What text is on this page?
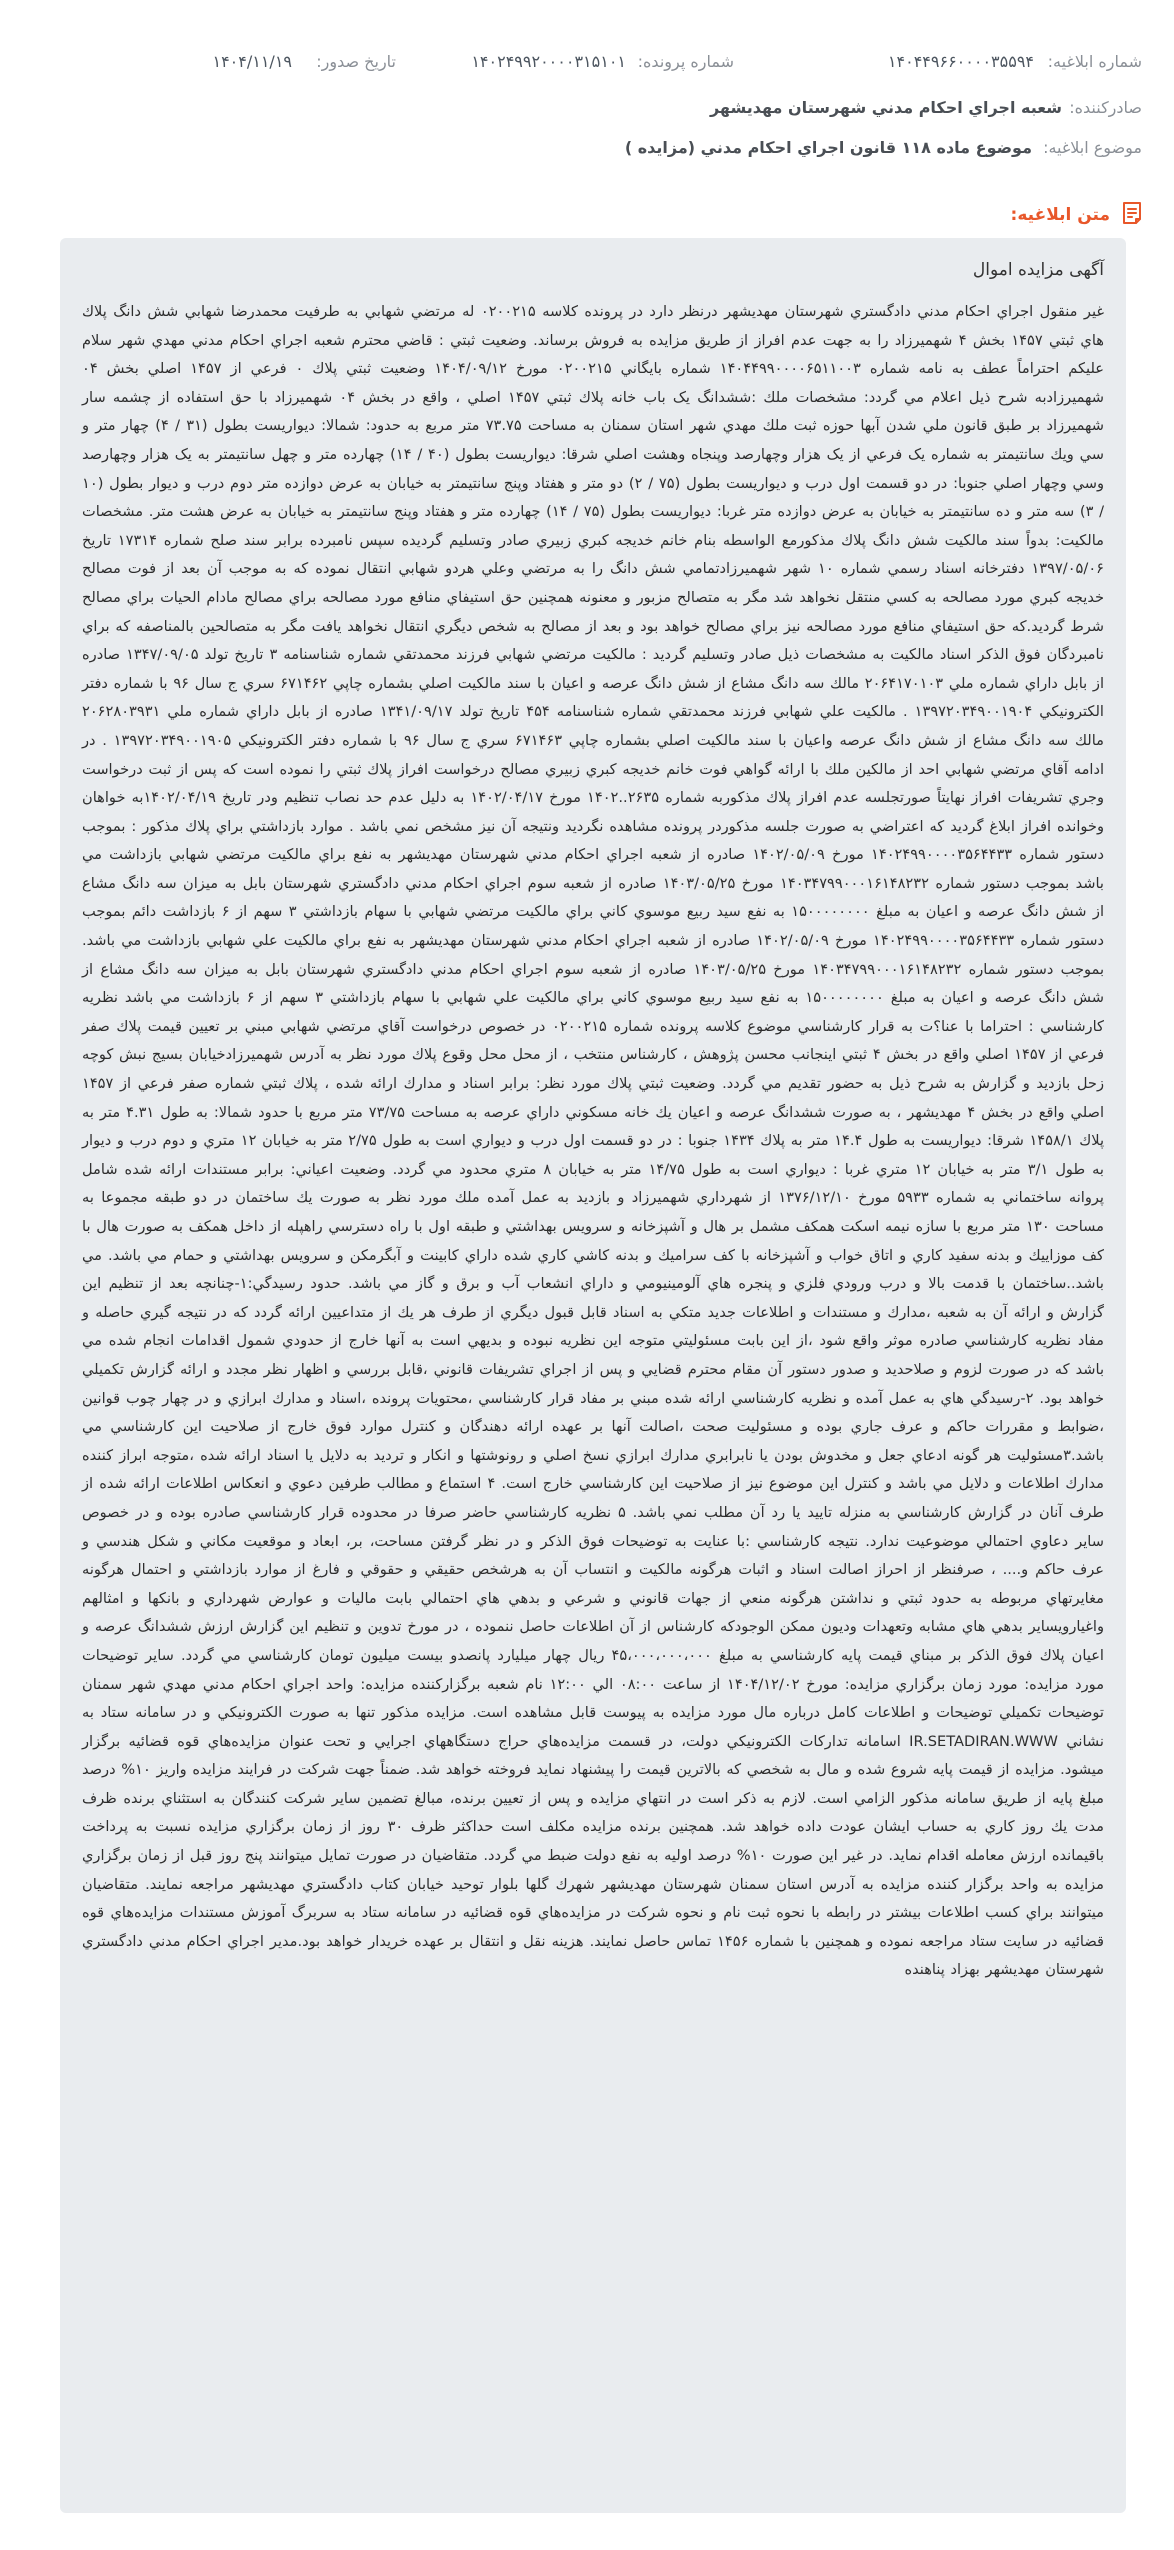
شماره ابلاغیه:
۱۴۰۴۴۹۶۶۰۰۰۰۳۵۵۹۴
شماره پرونده:
۱۴۰۲۴۹۹۲۰۰۰۰۳۱۵۱۰۱
تاریخ صدور:
۱۴۰۴/۱۱/۱۹
صادرکننده:
شعبه اجراي احكام مدني شهرستان مهديشهر
موضوع ابلاغیه:
موضوع ماده ۱۱۸ قانون اجراي احكام مدني (مزايده )
متن ابلاغیه:
آگهی مزایده اموال
غير منقول اجراي احكام مدني دادگستري شهرستان مهديشهر درنظر دارد در پرونده كلاسه ۰۲۰۰۲۱۵ له مرتضي شهابي به طرفيت محمدرضا شهابي شش دانگ پلاك هاي ثبتي ۱۴۵۷ بخش ۴ شهميرزاد را به جهت عدم افراز از طريق مزايده به فروش برساند. وضعيت ثبتي : قاضي محترم شعبه اجراي احكام مدني مهدي شهر سلام عليكم احتراماً عطف به نامه شماره ۱۴۰۴۴۹۹۰۰۰۰۶۵۱۱۰۰۳ شماره بايگاني ۰۲۰۰۲۱۵ مورخ ۱۴۰۴/۰۹/۱۲ وضعيت ثبتي پلاك ۰ فرعي از ۱۴۵۷ اصلي بخش ۰۴ شهميرزادبه شرح ذيل اعلام مي گردد: مشخصات ملك :ششدانگ يک باب خانه پلاك ثبتي ۱۴۵۷ اصلي ، واقع در بخش ۰۴ شهميرزاد با حق استفاده از چشمه سار شهميرزاد بر طبق قانون ملي شدن آبها حوزه ثبت ملك مهدي شهر استان سمنان به مساحت ۷۳.۷۵ متر مربع به حدود: شمالا: ديواريست بطول (۳۱ / ۴) چهار متر و سي ويك سانتيمتر به شماره يک فرعي از يک هزار وچهارصد وپنجاه وهشت اصلي شرقا: ديواريست بطول (۴۰ / ۱۴) چهارده متر و چهل سانتيمتر به يک هزار وچهارصد وسي وچهار اصلي جنوبا: در دو قسمت اول درب و ديواريست بطول (۷۵ / ۲) دو متر و هفتاد وپنج سانتيمتر به خيابان به عرض دوازده متر دوم درب و ديوار بطول (۱۰ / ۳) سه متر و ده سانتيمتر به خيابان به عرض دوازده متر غربا: ديواريست بطول (۷۵ / ۱۴) چهارده متر و هفتاد وپنج سانتيمتر به خيابان به عرض هشت متر. مشخصات مالكيت: بدواً سند مالكيت شش دانگ پلاك مذكورمع الواسطه بنام خانم خديجه كبري زبيري صادر وتسليم گرديده سپس نامبرده برابر سند صلح شماره ۱۷۳۱۴ تاريخ ۱۳۹۷/۰۵/۰۶ دفترخانه اسناد رسمي شماره ۱۰ شهر شهميرزادتمامي شش دانگ را به مرتضي وعلي هردو شهابي انتقال نموده كه به موجب آن بعد از فوت مصالح خديجه كبري مورد مصالحه به كسي منتقل نخواهد شد مگر به متصالح مزبور و معنونه همچنين حق استيفاي منافع مورد مصالحه براي مصالح مادام الحيات براي مصالح شرط گرديد.كه حق استيفاي منافع مورد مصالحه نيز براي مصالح خواهد بود و بعد از مصالح به شخص ديگري انتقال نخواهد يافت مگر به متصالحين بالمناصفه كه براي نامبردگان فوق الذكر اسناد مالكيت به مشخصات ذيل صادر وتسليم گرديد : مالكيت مرتضي شهابي فرزند محمدتقي شماره شناسنامه ۳ تاريخ تولد ۱۳۴۷/۰۹/۰۵ صادره از بابل داراي شماره ملي ۲۰۶۴۱۷۰۱۰۳ مالك سه دانگ مشاع از شش دانگ عرصه و اعيان با سند مالكيت اصلي بشماره چاپي ۶۷۱۴۶۲ سري ج سال ۹۶ با شماره دفتر الكترونيكي ۱۳۹۷۲۰۳۴۹۰۰۱۹۰۴ . مالكيت علي شهابي فرزند محمدتقي شماره شناسنامه ۴۵۴ تاريخ تولد ۱۳۴۱/۰۹/۱۷ صادره از بابل داراي شماره ملي ۲۰۶۲۸۰۳۹۳۱ مالك سه دانگ مشاع از شش دانگ عرصه واعيان با سند مالكيت اصلي بشماره چاپي ۶۷۱۴۶۳ سري ج سال ۹۶ با شماره دفتر الكترونيكي ۱۳۹۷۲۰۳۴۹۰۰۱۹۰۵ . در ادامه آقاي مرتضي شهابي احد از مالكين ملك با ارائه گواهي فوت خانم خديجه كبري زبيري مصالح درخواست افراز پلاك ثبتي را نموده است كه پس از ثبت درخواست وجري تشريفات افراز نهايتاً صورتجلسه عدم افراز پلاك مذكوربه شماره ۲۶۳۵..۱۴۰۲ مورخ ۱۴۰۲/۰۴/۱۷ به دليل عدم حد نصاب تنظيم ودر تاريخ ۱۴۰۲/۰۴/۱۹به خواهان وخوانده افراز ابلاغ گرديد كه اعتراضي به صورت جلسه مذكوردر پرونده مشاهده نگرديد ونتيجه آن نيز مشخص نمي باشد . موارد بازداشتي براي پلاك مذكور : بموجب دستور شماره ۱۴۰۲۴۹۹۰۰۰۰۳۵۶۴۴۳۳ مورخ ۱۴۰۲/۰۵/۰۹ صادره از شعبه اجراي احكام مدني شهرستان مهديشهر به نفع براي مالكيت مرتضي شهابي بازداشت مي باشد بموجب دستور شماره ۱۴۰۳۴۷۹۹۰۰۰۱۶۱۴۸۲۳۲ مورخ ۱۴۰۳/۰۵/۲۵ صادره از شعبه سوم اجراي احكام مدني دادگستري شهرستان بابل به ميزان سه دانگ مشاع از شش دانگ عرصه و اعيان به مبلغ ۱۵۰۰۰۰۰۰۰۰ به نفع سيد ربيع موسوي كاني براي مالكيت مرتضي شهابي با سهام بازداشتي ۳ سهم از ۶ بازداشت دائم بموجب دستور شماره ۱۴۰۲۴۹۹۰۰۰۰۳۵۶۴۴۳۳ مورخ ۱۴۰۲/۰۵/۰۹ صادره از شعبه اجراي احكام مدني شهرستان مهديشهر به نفع براي مالكيت علي شهابي بازداشت مي باشد. بموجب دستور شماره ۱۴۰۳۴۷۹۹۰۰۰۱۶۱۴۸۲۳۲ مورخ ۱۴۰۳/۰۵/۲۵ صادره از شعبه سوم اجراي احكام مدني دادگستري شهرستان بابل به ميزان سه دانگ مشاع از شش دانگ عرصه و اعيان به مبلغ ۱۵۰۰۰۰۰۰۰۰ به نفع سيد ربيع موسوي كاني براي مالكيت علي شهابي با سهام بازداشتي ۳ سهم از ۶ بازداشت مي باشد نظريه كارشناسي : احتراما با عنا؟ت به قرار كارشناسي موضوع كلاسه پرونده شماره ۰۲۰۰۲۱۵ در خصوص درخواست آقاي مرتضي شهابي مبني بر تعيين قيمت پلاك صفر فرعي از ۱۴۵۷ اصلي واقع در بخش ۴ ثبتي اينجانب محسن پژوهش ، كارشناس منتخب ، از محل محل وقوع پلاك مورد نظر به آدرس شهميرزادخيابان بسيج نبش كوچه زحل بازديد و گزارش به شرح ذيل به حضور تقديم مي گردد. وضعيت ثبتي پلاك مورد نظر: برابر اسناد و مدارك ارائه شده ، پلاك ثبتي شماره صفر فرعي از ۱۴۵۷ اصلي واقع در بخش ۴ مهديشهر ، به صورت ششدانگ عرصه و اعيان يك خانه مسكوني داراي عرصه به مساحت ۷۳/۷۵ متر مربع با حدود شمالا: به طول ۴.۳۱ متر به پلاك ۱۴۵۸/۱ شرقا: ديواريست به طول ۱۴.۴ متر به پلاك ۱۴۳۴ جنوبا : در دو قسمت اول درب و ديواري است به طول ۲/۷۵ متر به خيابان ۱۲ متري و دوم درب و ديوار به طول ۳/۱ متر به خيابان ۱۲ متري غربا : ديواري است به طول ۱۴/۷۵ متر به خيابان ۸ متري محدود مي گردد. وضعيت اعياني: برابر مستندات ارائه شده شامل پروانه ساختماني به شماره ۵۹۳۳ مورخ ۱۳۷۶/۱۲/۱۰ از شهرداري شهميرزاد و بازديد به عمل آمده ملك مورد نظر به صورت يك ساختمان در دو طبقه مجموعا به مساحت ۱۳۰ متر مربع با سازه نيمه اسكت همكف مشمل بر هال و آشپزخانه و سرويس بهداشتي و طبقه اول با راه دسترسي راهپله از داخل همكف به صورت هال با كف موزاييك و بدنه سفيد كاري و اتاق خواب و آشپزخانه با كف سراميك و بدنه كاشي كاري شده داراي كابينت و آبگرمكن و سرويس بهداشتي و حمام مي باشد. مي باشد..ساختمان با قدمت بالا و درب ورودي فلزي و پنجره هاي آلومينيومي و داراي انشعاب آب و برق و گاز مي باشد. حدود رسيدگي:۱-چنانچه بعد از تنظيم اين گزارش و ارائه آن به شعبه ،مدارك و مستندات و اطلاعات جديد متكي به اسناد قابل قبول ديگري از طرف هر يك از متداعيين ارائه گردد كه در نتيجه گيري حاصله و مفاد نظريه كارشناسي صادره موثر واقع شود ،از اين بابت مسئوليتي متوجه اين نظريه نبوده و بديهي است به آنها خارج از حدودي شمول اقدامات انجام شده مي باشد كه در صورت لزوم و صلاحديد و صدور دستور آن مقام محترم قضايي و پس از اجراي تشريفات قانوني ،قابل بررسي و اظهار نظر مجدد و ارائه گزارش تكميلي خواهد بود. ۲-رسيدگي هاي به عمل آمده و نظريه كارشناسي ارائه شده مبني بر مفاد قرار كارشناسي ،محتويات پرونده ،اسناد و مدارك ابرازي و در چهار چوب قوانين ،ضوابط و مقررات حاكم و عرف جاري بوده و مسئوليت صحت ،اصالت آنها بر عهده ارائه دهندگان و كنترل موارد فوق خارج از صلاحيت اين كارشناسي مي باشد.۳مسئوليت هر گونه ادعاي جعل و مخدوش بودن يا نابرابري مدارك ابرازي نسخ اصلي و رونوشتها و انكار و ترديد به دلايل يا اسناد ارائه شده ،متوجه ابراز كننده مدارك اطلاعات و دلايل مي باشد و كنترل اين موضوع نيز از صلاحيت اين كارشناسي خارج است. ۴ استماع و مطالب طرفين دعوي و انعكاس اطلاعات ارائه شده از طرف آنان در گزارش كارشناسي به منزله تاييد يا رد آن مطلب نمي باشد. ۵ نظريه كارشناسي حاضر صرفا در محدوده قرار كارشناسي صادره بوده و در خصوص ساير دعاوي احتمالي موضوعيت ندارد. نتيجه كارشناسي :با عنايت به توضيحات فوق الذكر و در نظر گرفتن مساحت، بر، ابعاد و موقعيت مكاني و شكل هندسي و عرف حاكم و.... ، صرفنظر از احراز اصالت اسناد و اثبات هرگونه مالكيت و انتساب آن به هرشخص حقيقي و حقوقي و فارغ از موارد بازداشتي و احتمال هرگونه مغايرتهاي مربوطه به حدود ثبتي و نداشتن هرگونه منعي از جهات قانوني و شرعي و بدهي هاي احتمالي بابت ماليات و عوارض شهرداري و بانكها و امثالهم واغيارويساير بدهي هاي مشابه وتعهدات وديون ممكن الوجودكه كارشناس از آن اطلاعات حاصل ننموده ، در مورخ تدوين و تنظيم اين گزارش ارزش ششدانگ عرصه و اعيان پلاك فوق الذكر بر مبناي قيمت پايه كارشناسي به مبلغ ۴۵،۰۰۰،۰۰۰،۰۰۰ ريال چهار ميليارد پانصدو بيست ميليون تومان كارشناسي مي گردد. ساير توضيحات مورد مزايده: مورد زمان برگزاري مزايده: مورخ ۱۴۰۴/۱۲/۰۲ از ساعت ۰۸:۰۰ الي ۱۲:۰۰ نام شعبه برگزاركننده مزايده: واحد اجراي احكام مدني مهدي شهر سمنان توضيحات تكميلي توضيحات و اطلاعات كامل درباره مال مورد مزايده به پيوست قابل مشاهده است. مزايده مذكور تنها به صورت الكترونيكي و در سامانه ستاد به نشاني IR.SETADIRAN.WWW اسامانه تداركات الكترونيكي دولت، در قسمت مزايده‌هاي حراج دستگاههاي اجرايي و تحت عنوان مزايده‌هاي قوه قضائيه برگزار ميشود. مزايده از قيمت پايه شروع شده و مال به شخصي كه بالاترين قيمت را پيشنهاد نمايد فروخته خواهد شد. ضمناً جهت شركت در فرايند مزايده واريز ۱۰% درصد مبلغ پايه از طريق سامانه مذكور الزامي است. لازم به ذكر است در انتهاي مزايده و پس از تعيين برنده، مبالغ تضمين ساير شركت كنندگان به استثناي برنده ظرف مدت يك روز كاري به حساب ايشان عودت داده خواهد شد. همچنين برنده مزايده مكلف است حداكثر ظرف ۳۰ روز از زمان برگزاري مزايده نسبت به پرداخت باقيمانده ارزش معامله اقدام نمايد. در غير اين صورت ۱۰% درصد اوليه به نفع دولت ضبط مي گردد. متقاضيان در صورت تمايل ميتوانند پنج روز قبل از زمان برگزاري مزايده به واحد برگزار كننده مزايده به آدرس استان سمنان شهرستان مهديشهر شهرك گلها بلوار توحيد خيابان كتاب دادگستري مهديشهر مراجعه نمايند. متقاضيان ميتوانند براي كسب اطلاعات بيشتر در رابطه با نحوه ثبت نام و نحوه شركت در مزايده‌هاي قوه قضائيه در سامانه ستاد به سربرگ آموزش مستندات مزايده‌هاي قوه قضائيه در سايت ستاد مراجعه نموده و همچنين با شماره ۱۴۵۶ تماس حاصل نمايند. هزينه نقل و انتقال بر عهده خريدار خواهد بود.مدير اجراي احكام مدني دادگستري شهرستان مهديشهر بهزاد پناهنده
